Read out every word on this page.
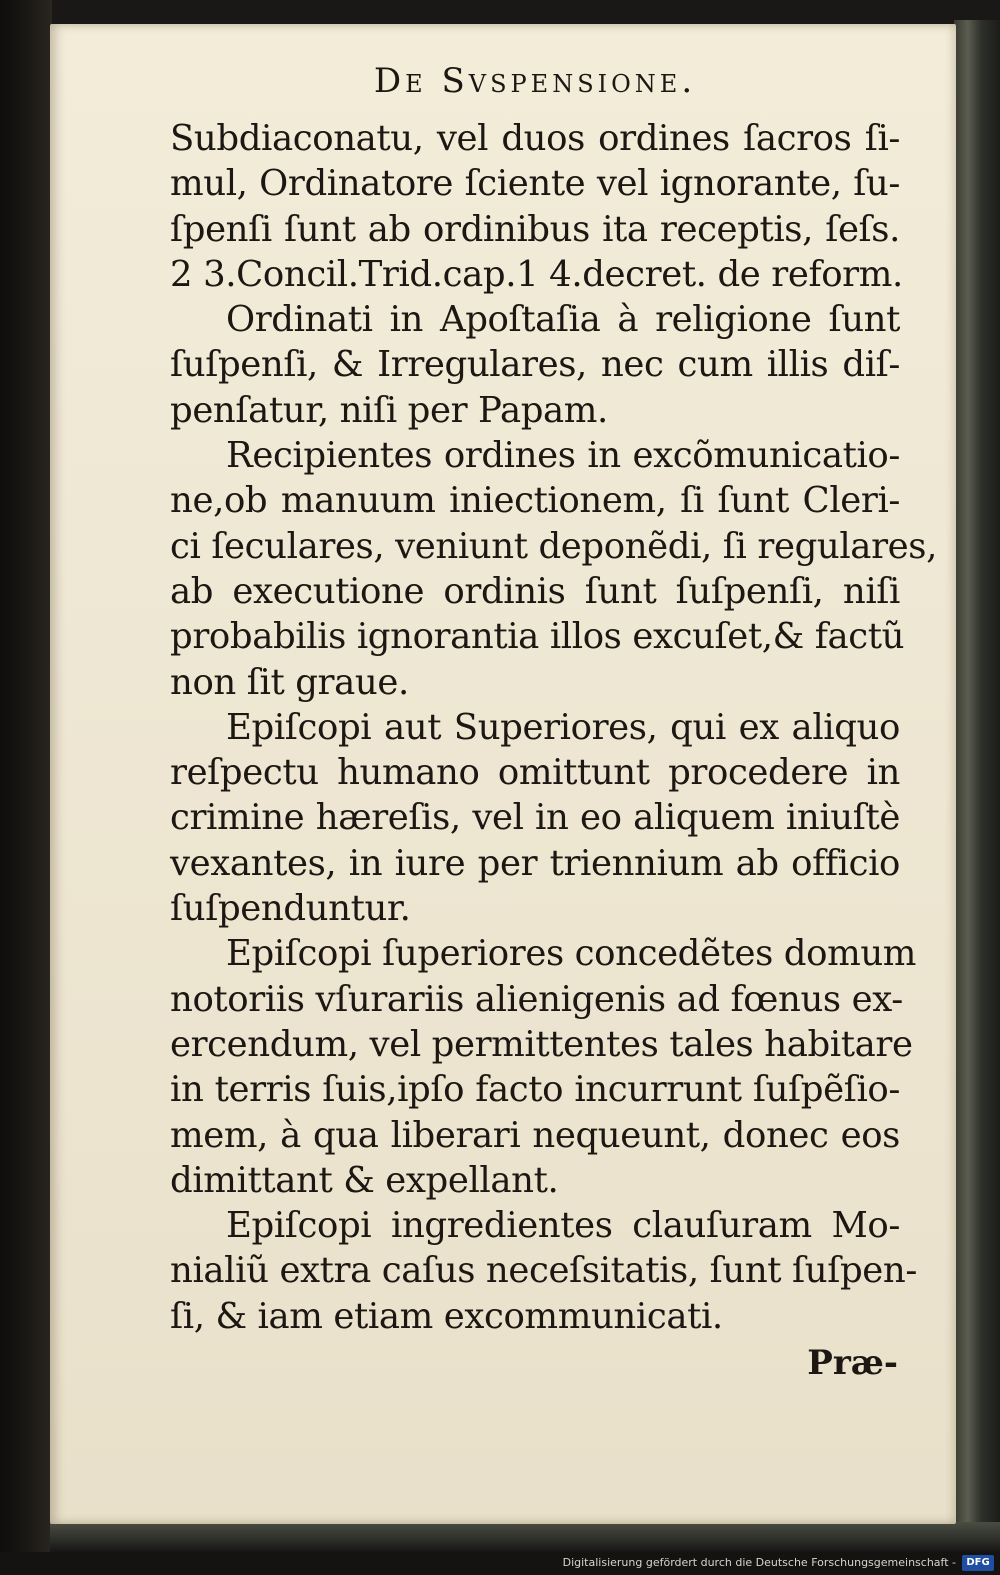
De Svspensione.
Subdiaconatu, vel duos ordines ſacros ſi-
mul, Ordinatore ſciente vel ignorante, ſu-
ſpenſi ſunt ab ordinibus ita receptis, ſeſs.
2 3.Concil.Trid.cap.1 4.decret. de reform.
Ordinati in Apoſtaſia à religione ſunt
ſuſpenſi, & Irregulares, nec cum illis diſ-
penſatur, niſi per Papam.
Recipientes ordines in excõmunicatio-
ne,ob manuum iniectionem, ſi ſunt Cleri-
ci ſeculares, veniunt deponẽdi, ſi regulares,
ab executione ordinis ſunt ſuſpenſi, niſi
probabilis ignorantia illos excuſet,& factũ
non ſit graue.
Epiſcopi aut Superiores, qui ex aliquo
reſpectu humano omittunt procedere in
crimine hæreſis, vel in eo aliquem iniuſtè
vexantes, in iure per triennium ab officio
ſuſpenduntur.
Epiſcopi ſuperiores concedẽtes domum
notoriis vſurariis alienigenis ad fœnus ex-
ercendum, vel permittentes tales habitare
in terris ſuis,ipſo facto incurrunt ſuſpẽſio-
mem, à qua liberari nequeunt, donec eos
dimittant & expellant.
Epiſcopi ingredientes clauſuram Mo-
nialiũ extra caſus neceſsitatis, ſunt ſuſpen-
ſi, & iam etiam excommunicati.
Præ-
Digitalisierung gefördert durch die Deutsche Forschungsgemeinschaft -	DFG
